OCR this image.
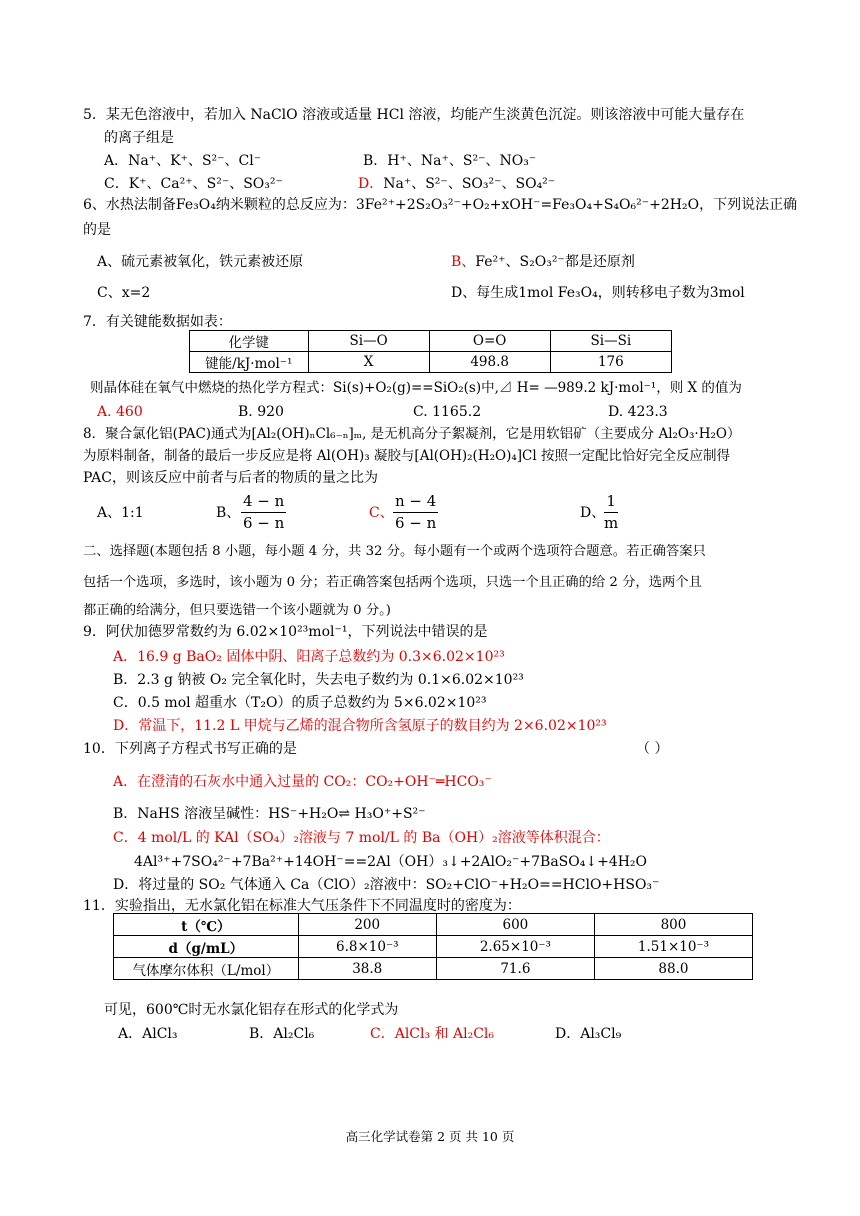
5．某无色溶液中，若加入 NaClO 溶液或适量 HCl 溶液，均能产生淡黄色沉淀。则该溶液中可能大量存在
的离子组是
A．Na⁺、K⁺、S²⁻、Cl⁻	B．H⁺、Na⁺、S²⁻、NO₃⁻
C．K⁺、Ca²⁺、S²⁻、SO₃²⁻	D．Na⁺、S²⁻、SO₃²⁻、SO₄²⁻
6、水热法制备Fe₃O₄纳米颗粒的总反应为：3Fe²⁺+2S₂O₃²⁻+O₂+xOH⁻=Fe₃O₄+S₄O₆²⁻+2H₂O，下列说法正确
的是
A、硫元素被氧化，铁元素被还原	B、Fe²⁺、S₂O₃²⁻都是还原剂
C、x=2	D、每生成1mol Fe₃O₄，则转移电子数为3mol
7．有关键能数据如表：
化学键	Si—O	O=O	Si—Si
键能/kJ·mol⁻¹	X	498.8	176
则晶体硅在氧气中燃烧的热化学方程式：Si(s)+O₂(g)==SiO₂(s)中,⊿ H= —989.2 kJ·mol⁻¹，则 X 的值为
A. 460	B. 920	C. 1165.2	D. 423.3
8．聚合氯化铝(PAC)通式为[Al₂(OH)ₙCl₆₋ₙ]ₘ, 是无机高分子絮凝剂，它是用软铝矿（主要成分 Al₂O₃·H₂O）
为原料制备，制备的最后一步反应是将 Al(OH)₃ 凝胶与[Al(OH)₂(H₂O)₄]Cl 按照一定配比恰好完全反应制得
PAC，则该反应中前者与后者的物质的量之比为
A、1:1	B、 $\frac{4 - n}{6 - n}$	C、 $\frac{n - 4}{6 - n}$	D、
$\frac{1}{m}$
二、选择题(本题包括 8 小题，每小题 4 分，共 32 分。每小题有一个或两个选项符合题意。若正确答案只
包括一个选项，多选时，该小题为 0 分；若正确答案包括两个选项，只选一个且正确的给 2 分，选两个且
都正确的给满分，但只要选错一个该小题就为 0 分。)
9．阿伏加德罗常数约为 6.02×10²³mol⁻¹，下列说法中错误的是
A．16.9 g BaO₂ 固体中阴、阳离子总数约为 0.3×6.02×10²³
B．2.3 g 钠被 O₂ 完全氧化时，失去电子数约为 0.1×6.02×10²³
C．0.5 mol 超重水（T₂O）的质子总数约为 5×6.02×10²³
D．常温下，11.2 L 甲烷与乙烯的混合物所含氢原子的数目约为 2×6.02×10²³
10．下列离子方程式书写正确的是	（ ）
A．在澄清的石灰水中通入过量的 CO₂：CO₂+OH⁻═HCO₃⁻
B．NaHS 溶液呈碱性：HS⁻+H₂O⇌ H₃O⁺+S²⁻
C．4 mol/L 的 KAl（SO₄）₂溶液与 7 mol/L 的 Ba（OH）₂溶液等体积混合：
4Al³⁺+7SO₄²⁻+7Ba²⁺+14OH⁻==2Al（OH）₃↓+2AlO₂⁻+7BaSO₄↓+4H₂O
D．将过量的 SO₂ 气体通入 Ca（ClO）₂溶液中：SO₂+ClO⁻+H₂O==HClO+HSO₃⁻
11．实验指出，无水氯化铝在标准大气压条件下不同温度时的密度为：
t（℃）	200	600	800
d（g/mL）	6.8×10⁻³	2.65×10⁻³	1.51×10⁻³
气体摩尔体积（L/mol）	38.8	71.6	88.0
可见，600℃时无水氯化铝存在形式的化学式为
A．AlCl₃	B．Al₂Cl₆	C．AlCl₃ 和 Al₂Cl₆	D．Al₃Cl₉
高三化学试卷第 2 页 共 10 页
